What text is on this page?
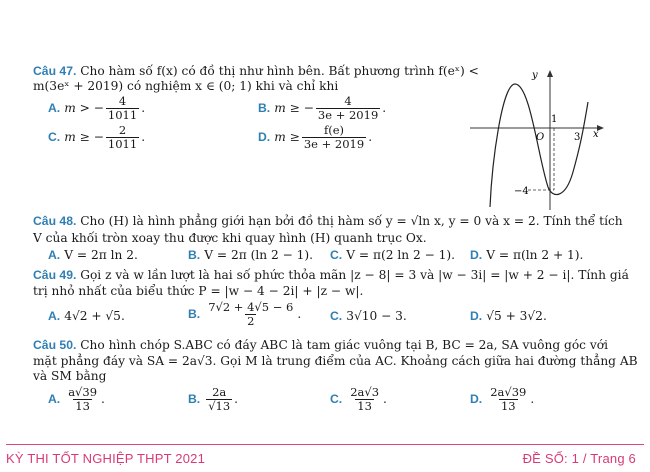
Câu 47. Cho hàm số f(x) có đồ thị như hình bên. Bất phương trình f(eˣ) <
m(3eˣ + 2019) có nghiệm x ∈ (0; 1) khi và chỉ khi
A. m > − $\frac{4}{1011}$ .	B. m ≥ − $\frac{4}{3e + 2019}$ .
C. m ≥ − $\frac{2}{1011}$ .	D. $m \ge \frac{f(e)}{3e + 2019}$ .
y
x
O
1
3
−4
Câu 48. Cho (H) là hình phẳng giới hạn bởi đồ thị hàm số y = √ln x, y = 0 và x = 2. Tính thể tích
V của khối tròn xoay thu được khi quay hình (H) quanh trục Ox.
A. V = 2π ln 2.	B. V = 2π (ln 2 − 1). C. V = π(2 ln 2 − 1). D. V = π(ln 2 + 1).
Câu 49. Gọi z và w lần lượt là hai số phức thỏa mãn |z − 8| = 3 và |w − 3i| = |w + 2 − i|. Tính giá
trị nhỏ nhất của biểu thức P = |w − 4 − 2i| + |z − w|.
A. 4√2 + √5.	B. $\frac{7√2 + 4√5 - 6}{2}$ . C. 3√10 − 3.	D. √5 + 3√2.
Câu 50. Cho hình chóp S.ABC có đáy ABC là tam giác vuông tại B, BC = 2a, SA vuông góc với
mặt phẳng đáy và SA = 2a√3. Gọi M là trung điểm của AC. Khoảng cách giữa hai đường thẳng AB
và SM bằng
A. $\frac{a√39}{13}$ .	B. $\frac{2a}{√13}$ .	C. $\frac{2a√3}{13}$ .	D. $\frac{2a√39}{13}$ .
KỲ THI TỐT NGHIỆP THPT 2021	ĐỀ SỐ: 1 / Trang 6
